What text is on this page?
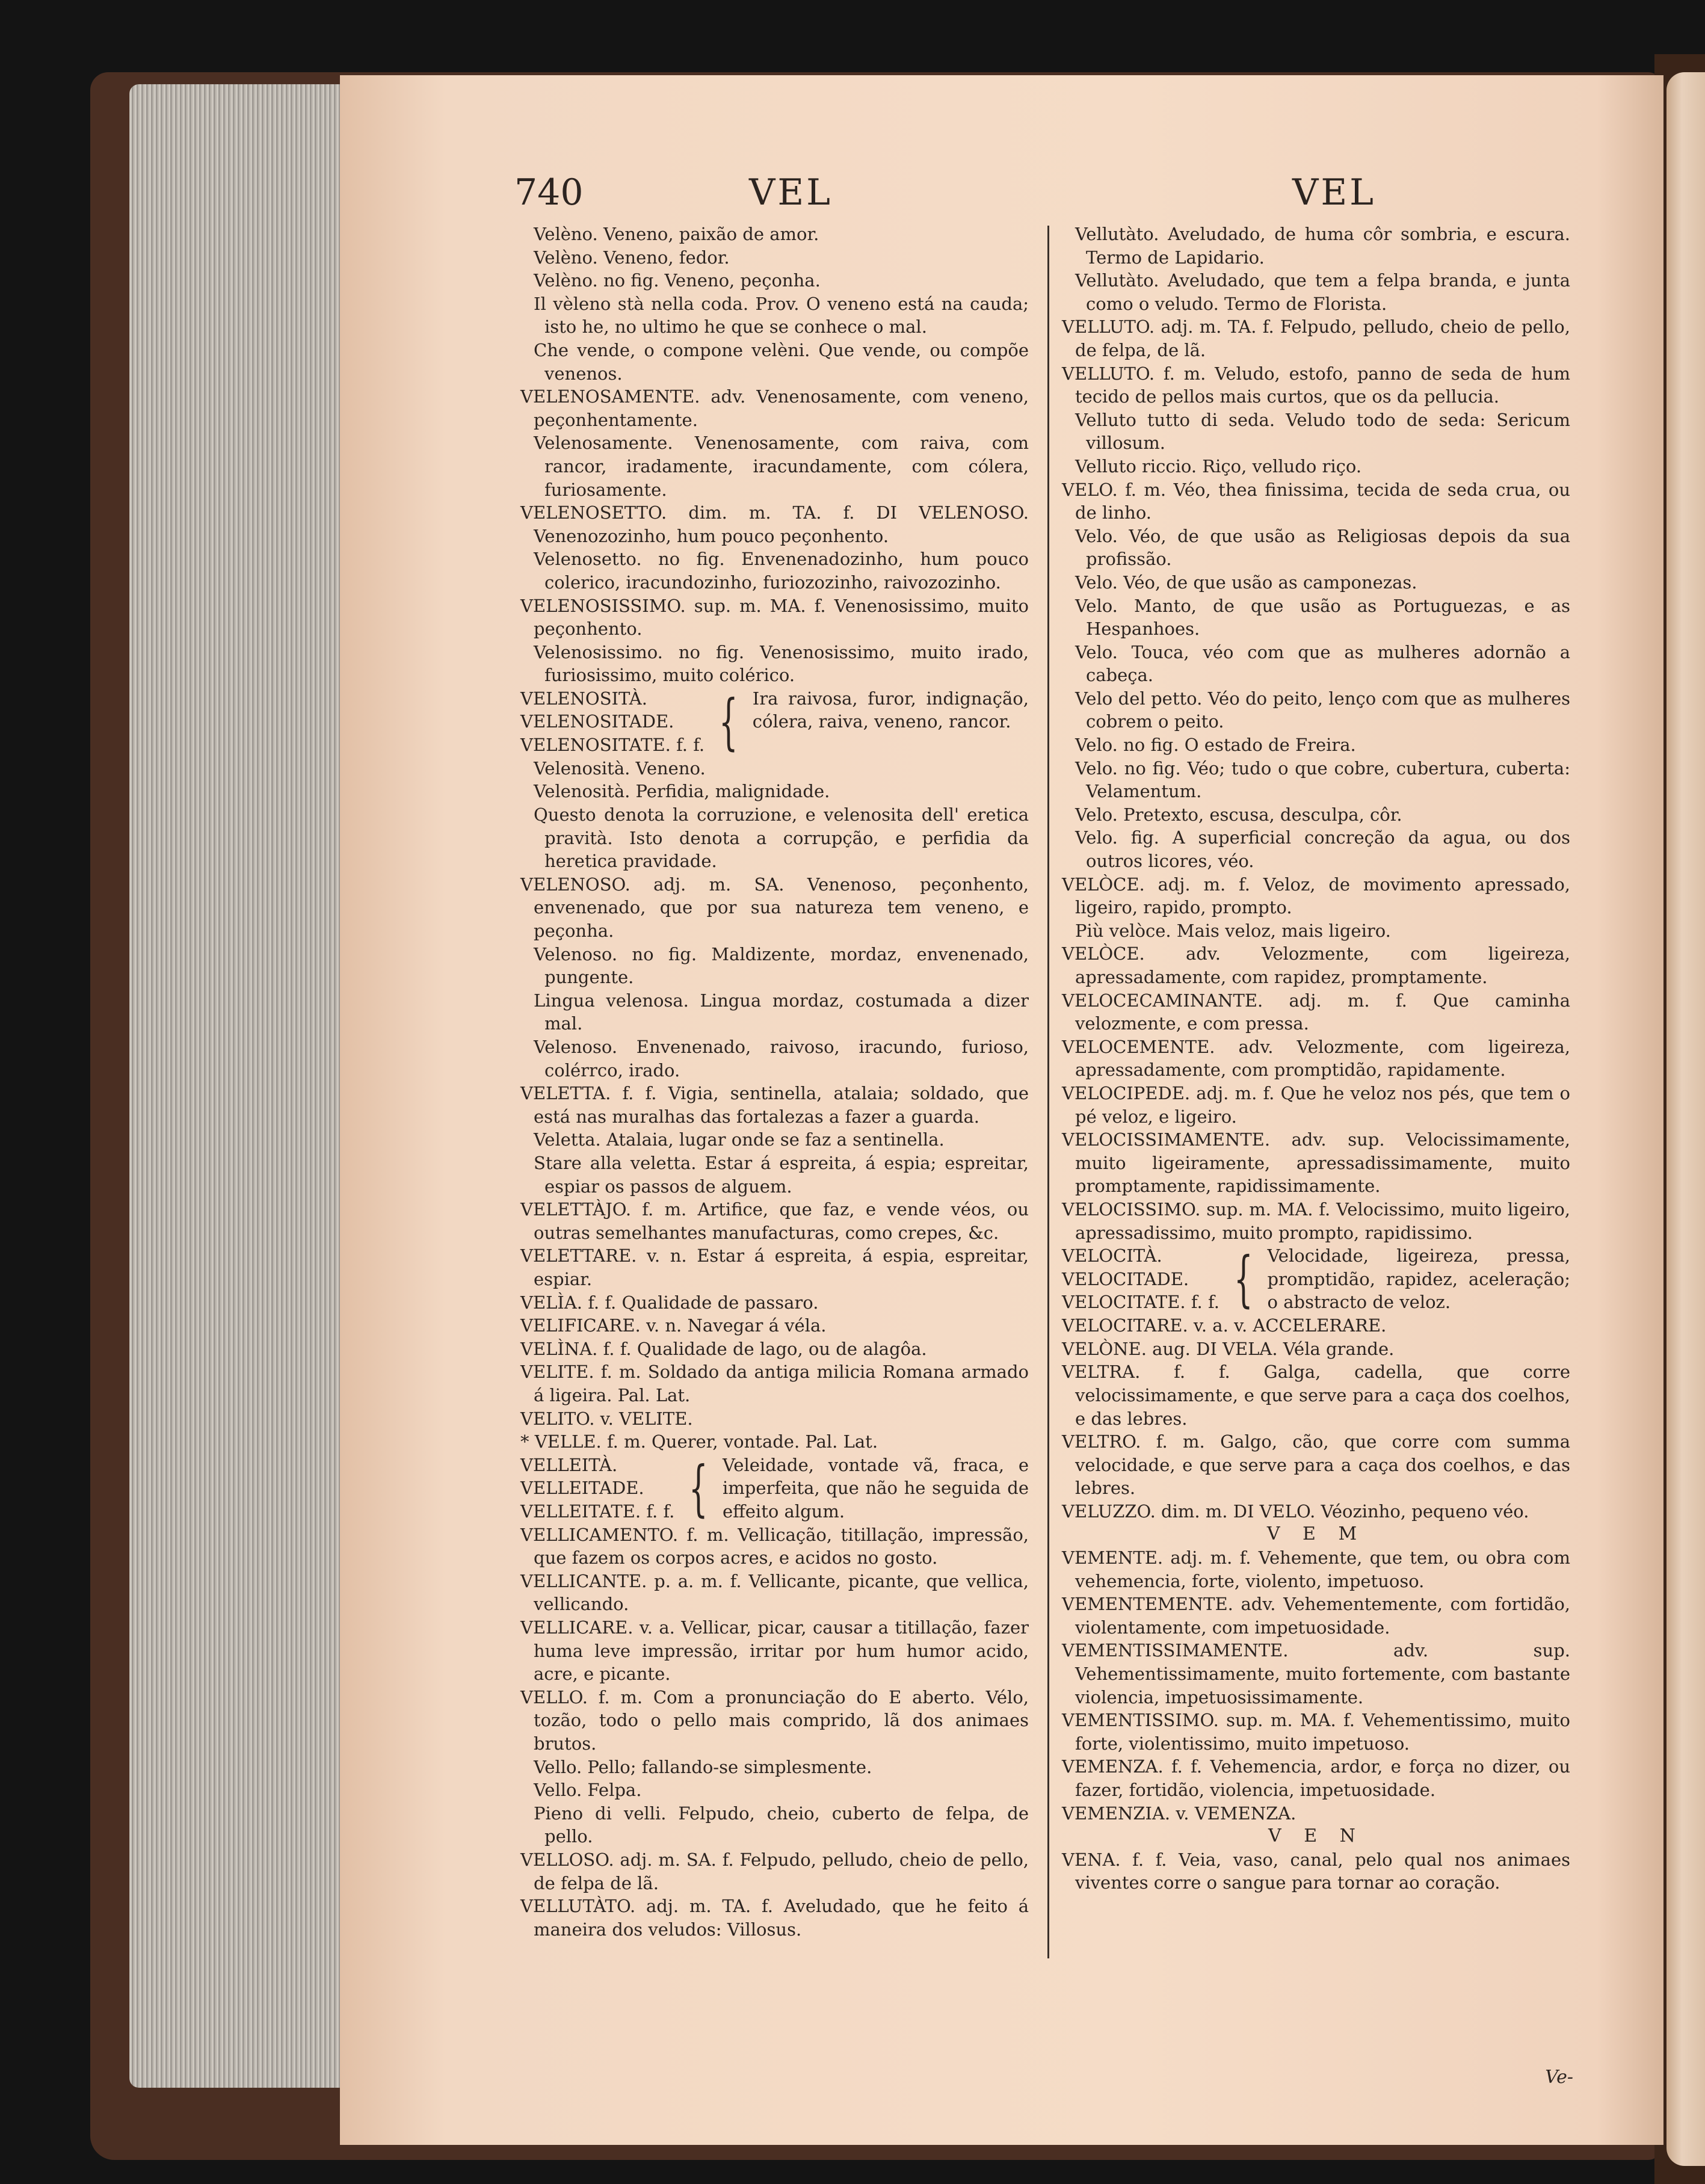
740	VEL	VEL

Velèno. Veneno, paixão de amor.

Velèno. Veneno, fedor.

Velèno. no fig. Veneno, peçonha.

Il vèleno stà nella coda. Prov. O veneno está na cauda; isto he, no ultimo he que se conhece o mal.

Che vende, o compone velèni. Que vende, ou compõe venenos.

VELENOSAMENTE. adv. Venenosamente, com veneno, peçonhentamente.

Velenosamente. Venenosamente, com raiva, com rancor, iradamente, iracundamente, com cólera, furiosamente.

VELENOSETTO. dim. m. TA. f. DI VELENOSO. Venenozozinho, hum pouco peçonhento.

Velenosetto. no fig. Envenenadozinho, hum pouco colerico, iracundozinho, furiozozinho, raivozozinho.

VELENOSISSIMO. sup. m. MA. f. Venenosissimo, muito peçonhento.

Velenosissimo. no fig. Venenosissimo, muito irado, furiosissimo, muito colérico.

VELENOSITÀ.
VELENOSITADE.
VELENOSITATE. f. f. { Ira raivosa, furor, indignação, cólera, raiva, veneno, rancor.

Velenosità. Veneno.

Velenosità. Perfidia, malignidade.

Questo denota la corruzione, e velenosita dell' eretica pravità. Isto denota a corrupção, e perfidia da heretica pravidade.

VELENOSO. adj. m. SA. Venenoso, peçonhento, envenenado, que por sua natureza tem veneno, e peçonha.

Velenoso. no fig. Maldizente, mordaz, envenenado, pungente.

Lingua velenosa. Lingua mordaz, costumada a dizer mal.

Velenoso. Envenenado, raivoso, iracundo, furioso, colérrco, irado.

VELETTA. f. f. Vigia, sentinella, atalaia; soldado, que está nas muralhas das fortalezas a fazer a guarda.

Veletta. Atalaia, lugar onde se faz a sentinella.

Stare alla veletta. Estar á espreita, á espia; espreitar, espiar os passos de alguem.

VELETTÀJO. f. m. Artifice, que faz, e vende véos, ou outras semelhantes manufacturas, como crepes, &c.

VELETTARE. v. n. Estar á espreita, á espia, espreitar, espiar.

VELÌA. f. f. Qualidade de passaro.

VELIFICARE. v. n. Navegar á véla.

VELÌNA. f. f. Qualidade de lago, ou de alagôa.

VELITE. f. m. Soldado da antiga milicia Romana armado á ligeira. Pal. Lat.

VELITO. v. VELITE.

* VELLE. f. m. Querer, vontade. Pal. Lat.

VELLEITÀ.
VELLEITADE.
VELLEITATE. f. f. { Veleidade, vontade vã, fraca, e imperfeita, que não he seguida de effeito algum.

VELLICAMENTO. f. m. Vellicação, titillação, impressão, que fazem os corpos acres, e acidos no gosto.

VELLICANTE. p. a. m. f. Vellicante, picante, que vellica, vellicando.

VELLICARE. v. a. Vellicar, picar, causar a titillação, fazer huma leve impressão, irritar por hum humor acido, acre, e picante.

VELLO. f. m. Com a pronunciação do E aberto. Vélo, tozão, todo o pello mais comprido, lã dos animaes brutos.

Vello. Pello; fallando-se simplesmente.

Vello. Felpa.

Pieno di velli. Felpudo, cheio, cuberto de felpa, de pello.

VELLOSO. adj. m. SA. f. Felpudo, pelludo, cheio de pello, de felpa de lã.

VELLUTÀTO. adj. m. TA. f. Aveludado, que he feito á maneira dos veludos: Villosus.

Vellutàto. Aveludado, de huma côr sombria, e escura. Termo de Lapidario.

Vellutàto. Aveludado, que tem a felpa branda, e junta como o veludo. Termo de Florista.

VELLUTO. adj. m. TA. f. Felpudo, pelludo, cheio de pello, de felpa, de lã.

VELLUTO. f. m. Veludo, estofo, panno de seda de hum tecido de pellos mais curtos, que os da pellucia.

Velluto tutto di seda. Veludo todo de seda: Sericum villosum.

Velluto riccio. Riço, velludo riço.

VELO. f. m. Véo, thea finissima, tecida de seda crua, ou de linho.

Velo. Véo, de que usão as Religiosas depois da sua profissão.

Velo. Véo, de que usão as camponezas.

Velo. Manto, de que usão as Portuguezas, e as Hespanhoes.

Velo. Touca, véo com que as mulheres adornão a cabeça.

Velo del petto. Véo do peito, lenço com que as mulheres cobrem o peito.

Velo. no fig. O estado de Freira.

Velo. no fig. Véo; tudo o que cobre, cubertura, cuberta: Velamentum.

Velo. Pretexto, escusa, desculpa, côr.

Velo. fig. A superficial concreção da agua, ou dos outros licores, véo.

VELÒCE. adj. m. f. Veloz, de movimento apressado, ligeiro, rapido, prompto.

Più velòce. Mais veloz, mais ligeiro.

VELÒCE. adv. Velozmente, com ligeireza, apressadamente, com rapidez, promptamente.

VELOCECAMINANTE. adj. m. f. Que caminha velozmente, e com pressa.

VELOCEMENTE. adv. Velozmente, com ligeireza, apressadamente, com promptidão, rapidamente.

VELOCIPEDE. adj. m. f. Que he veloz nos pés, que tem o pé veloz, e ligeiro.

VELOCISSIMAMENTE. adv. sup. Velocissimamente, muito ligeiramente, apressadissimamente, muito promptamente, rapidissimamente.

VELOCISSIMO. sup. m. MA. f. Velocissimo, muito ligeiro, apressadissimo, muito prompto, rapidissimo.

VELOCITÀ.
VELOCITADE.
VELOCITATE. f. f. { Velocidade, ligeireza, pressa, promptidão, rapidez, aceleração; o abstracto de veloz.

VELOCITARE. v. a. v. ACCELERARE.

VELÒNE. aug. DI VELA. Véla grande.

VELTRA. f. f. Galga, cadella, que corre velocissimamente, e que serve para a caça dos coelhos, e das lebres.

VELTRO. f. m. Galgo, cão, que corre com summa velocidade, e que serve para a caça dos coelhos, e das lebres.

VELUZZO. dim. m. DI VELO. Véozinho, pequeno véo.

V E M

VEMENTE. adj. m. f. Vehemente, que tem, ou obra com vehemencia, forte, violento, impetuoso.

VEMENTEMENTE. adv. Vehementemente, com fortidão, violentamente, com impetuosidade.

VEMENTISSIMAMENTE. adv. sup. Vehementissimamente, muito fortemente, com bastante violencia, impetuosissimamente.

VEMENTISSIMO. sup. m. MA. f. Vehementissimo, muito forte, violentissimo, muito impetuoso.

VEMENZA. f. f. Vehemencia, ardor, e força no dizer, ou fazer, fortidão, violencia, impetuosidade.

VEMENZIA. v. VEMENZA.

V E N

VENA. f. f. Veia, vaso, canal, pelo qual nos animaes viventes corre o sangue para tornar ao coração.

Ve-
